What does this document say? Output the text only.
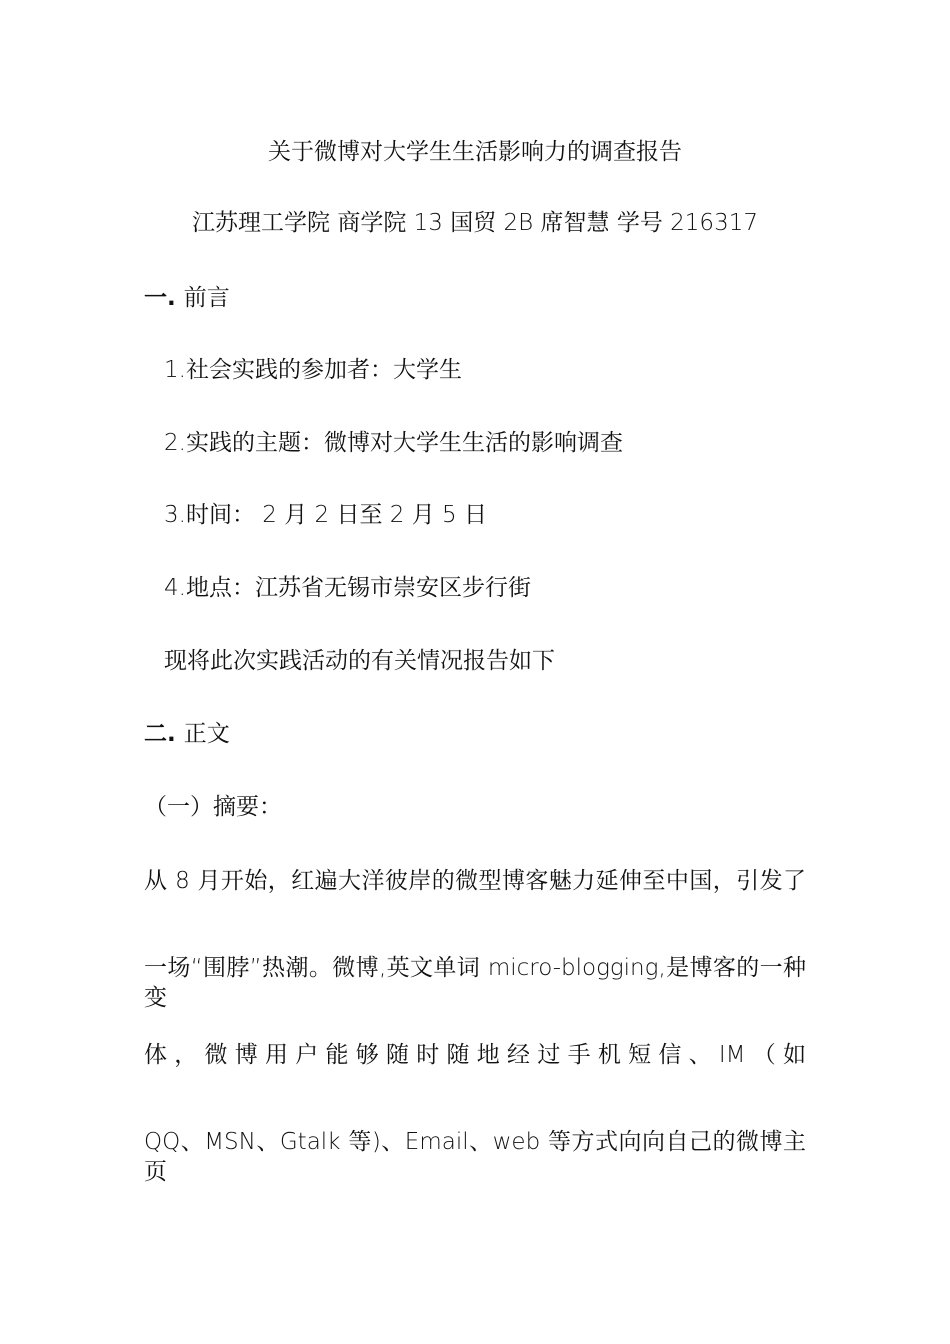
关于微博对大学生生活影响力的调查报告
江苏理工学院 商学院 13 国贸 2B 席智慧 学号 216317
一. 前言
1.社会实践的参加者：大学生
2.实践的主题：微博对大学生生活的影响调查
3.时间： 2 月 2 日至 2 月 5 日
4.地点：江苏省无锡市崇安区步行街
现将此次实践活动的有关情况报告如下
二. 正文
（一）摘要：
从 8 月开始，红遍大洋彼岸的微型博客魅力延伸至中国，引发了
一场“围脖”热潮。微博,英文单词 micro-blogging,是博客的一种变
体，微博用户能够随时随地经过手机短信、IM（如
QQ、MSN、Gtalk 等)、Email、web 等方式向向自己的微博主页
